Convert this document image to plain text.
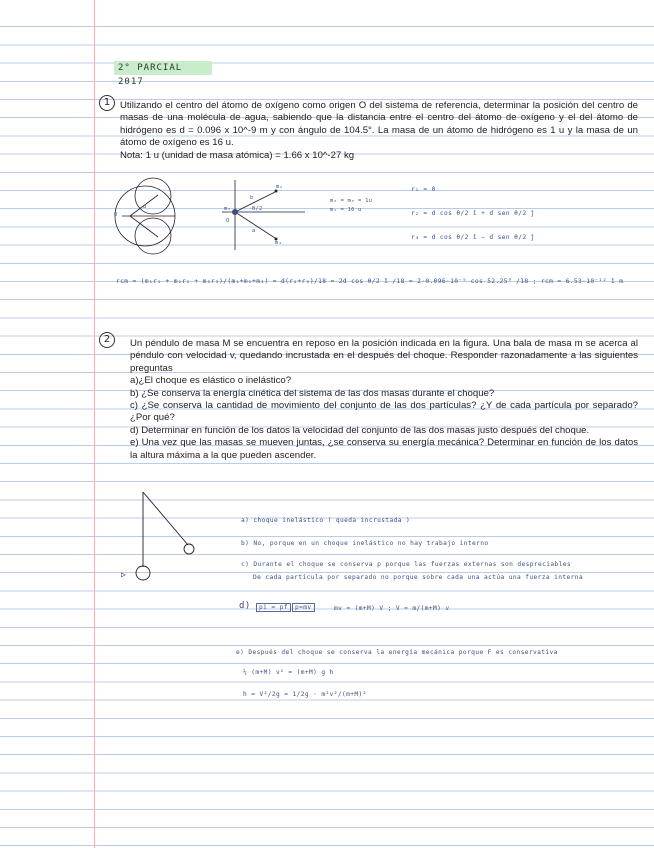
2° PARCIAL 2017
1	Utilizando el centro del átomo de oxígeno como origen O del sistema de referencia, determinar la posición del centro de masas de una molécula de agua, sabiendo que la distancia entre el centro del átomo de oxígeno y el del átomo de hidrógeno es d = 0.096 x 10^-9 m y con ángulo de 104.5°. La masa de un átomo de hidrógeno es 1 u y la masa de un átomo de oxígeno es 16 u.

Nota: 1 u (unidad de masa atómica) = 1.66 x 10^-27 kg

O
d	m₁
O
m₂
m₃
b
a
θ/2
m₂ = m₃ = 1u
m₁ = 16 u
r₁ = 0
r₂ = d cos θ/2 î + d sen θ/2 ĵ
r₃ = d cos θ/2 î − d sen θ/2 ĵ
rcm = (m₁r₁ + m₂r₂ + m₃r₃)/(m₁+m₂+m₃) = d(r₂+r₃)/18 = 2d cos θ/2 î /18 = 2·0.096·10⁻⁹ cos 52.25° /18 ; rcm = 6.53·10⁻¹² î m
2	Un péndulo de masa M se encuentra en reposo en la posición indicada en la figura. Una bala de masa m se acerca al péndulo con velocidad v, quedando incrustada en el después del choque. Responder razonadamente a las siguientes preguntas

a)¿El choque es elástico o inelástico?

b) ¿Se conserva la energía cinética del sistema de las dos masas durante el choque?

c) ¿Se conserva la cantidad de movimiento del conjunto de las dos partículas? ¿Y de cada partícula por separado? ¿Por qué?

d) Determinar en función de los datos la velocidad del conjunto de las dos masas justo después del choque.

e) Una vez que las masas se mueven juntas, ¿se conserva su energía mecánica? Determinar en función de los datos la altura máxima a la que pueden ascender.

▷
a) choque inelástico ( queda incrustada )
b) No, porque en un choque inelástico no hay trabajo interno
c) Durante el choque se conserva p porque las fuerzas externas son despreciables
De cada partícula por separado no porque sobre cada una actúa una fuerza interna
d)	pi = pf	p=mv	mv = (m+M) V ; V = m/(m+M) v
e) Después del choque se conserva la energía mecánica porque F es conservativa
½ (m+M) v² = (m+M) g h
h = V²/2g = 1/2g · m²v²/(m+M)²
